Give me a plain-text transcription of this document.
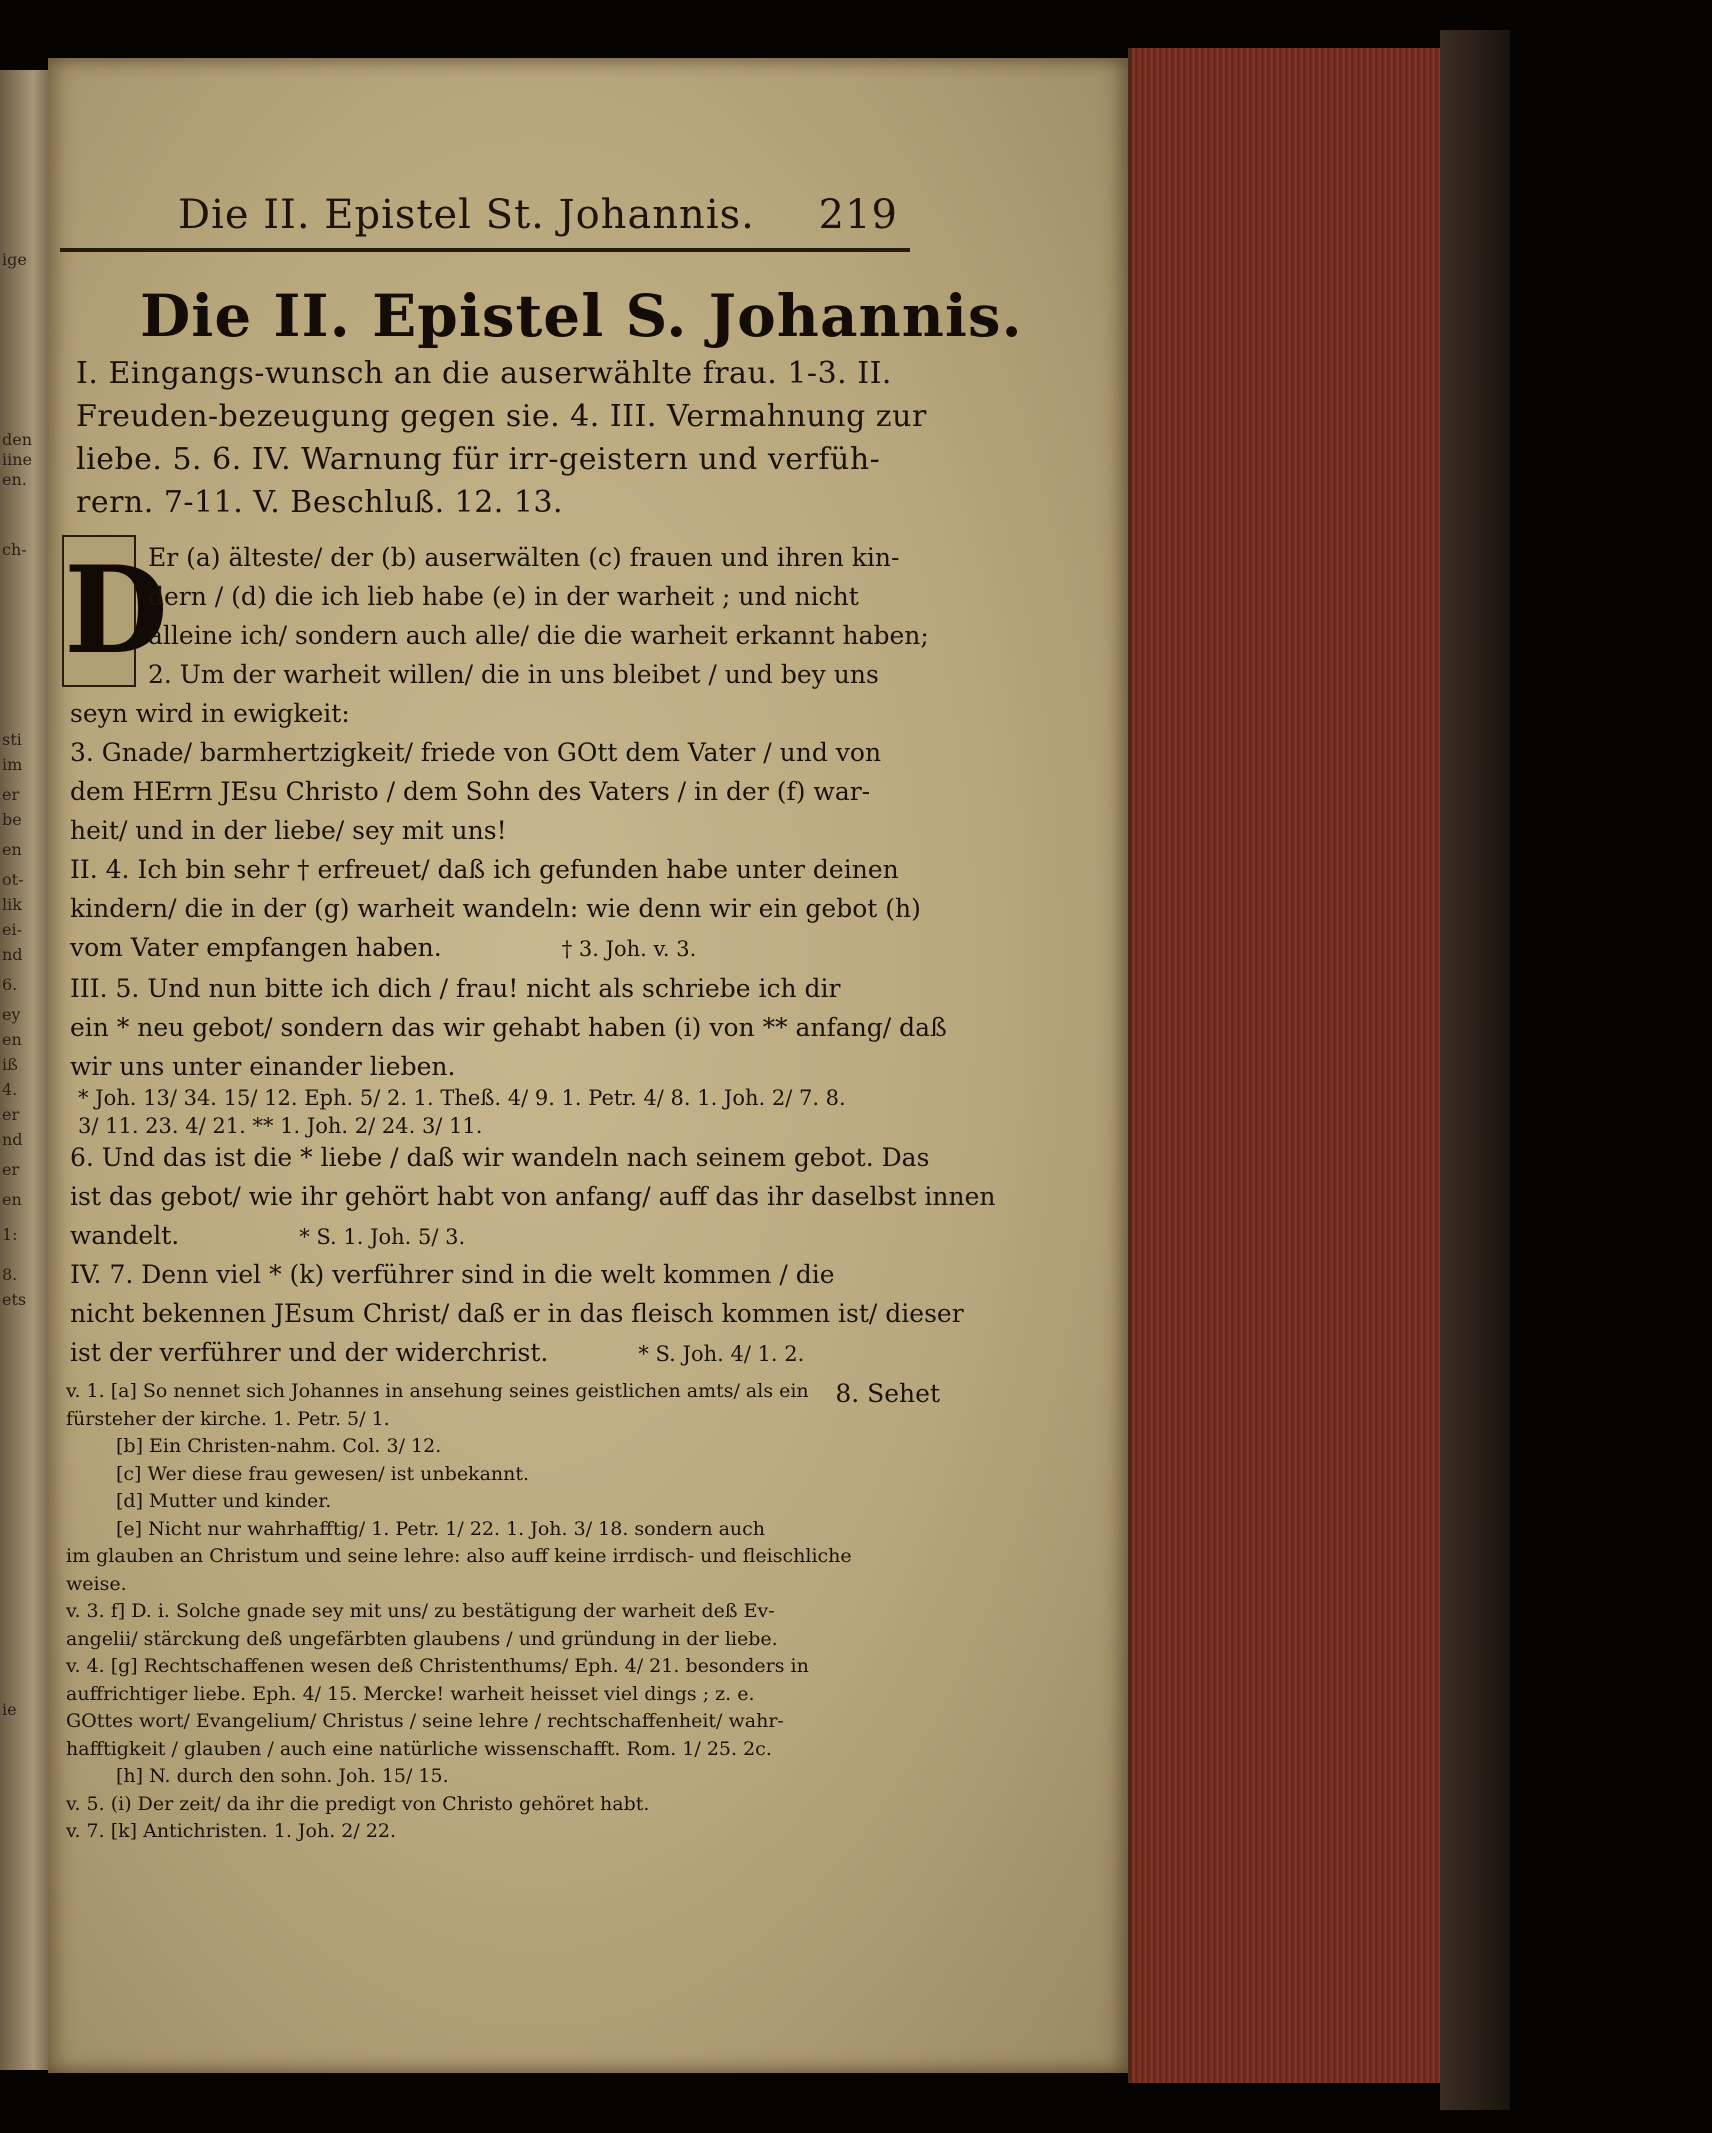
ige
den
iine
en.
ch-
sti
im
er
be
en
ot-
lik
ei-
nd
6.
ey
en
iß
4.
er
nd
er
en
1:
8.
ets
ie
Die II. Epistel St. Johannis. 219
Die II. Epistel S. Johannis.
I. Eingangs-wunsch an die auserwählte frau. 1-3. II.
Freuden-bezeugung gegen sie. 4. III. Vermahnung zur
liebe. 5. 6. IV. Warnung für irr-geistern und verfüh-
rern. 7-11. V. Beschluß. 12. 13.
D
Er (a) älteste/ der (b) auserwälten (c) frauen und ihren kin-
dern / (d) die ich lieb habe (e) in der warheit ; und nicht
alleine ich/ sondern auch alle/ die die warheit erkannt haben;
2. Um der warheit willen/ die in uns bleibet / und bey uns
seyn wird in ewigkeit:
3. Gnade/ barmhertzigkeit/ friede von GOtt dem Vater / und von
dem HErrn JEsu Christo / dem Sohn des Vaters / in der (f) war-
heit/ und in der liebe/ sey mit uns!
II. 4. Ich bin sehr † erfreuet/ daß ich gefunden habe unter deinen
kindern/ die in der (g) warheit wandeln: wie denn wir ein gebot (h)
vom Vater empfangen haben.	† 3. Joh. v. 3.
III. 5. Und nun bitte ich dich / frau! nicht als schriebe ich dir
ein * neu gebot/ sondern das wir gehabt haben (i) von ** anfang/ daß
wir uns unter einander lieben.
* Joh. 13/ 34. 15/ 12. Eph. 5/ 2. 1. Theß. 4/ 9. 1. Petr. 4/ 8. 1. Joh. 2/ 7. 8.
3/ 11. 23. 4/ 21. ** 1. Joh. 2/ 24. 3/ 11.
6. Und das ist die * liebe / daß wir wandeln nach seinem gebot. Das
ist das gebot/ wie ihr gehört habt von anfang/ auff das ihr daselbst innen
wandelt.	* S. 1. Joh. 5/ 3.
IV. 7. Denn viel * (k) verführer sind in die welt kommen / die
nicht bekennen JEsum Christ/ daß er in das fleisch kommen ist/ dieser
ist der verführer und der widerchrist.	* S. Joh. 4/ 1. 2.
8. Sehet
v. 1. [a] So nennet sich Johannes in ansehung seines geistlichen amts/ als ein
fürsteher der kirche. 1. Petr. 5/ 1.
[b] Ein Christen-nahm. Col. 3/ 12.
[c] Wer diese frau gewesen/ ist unbekannt.
[d] Mutter und kinder.
[e] Nicht nur wahrhafftig/ 1. Petr. 1/ 22. 1. Joh. 3/ 18. sondern auch
im glauben an Christum und seine lehre: also auff keine irrdisch- und fleischliche
weise.
v. 3. f] D. i. Solche gnade sey mit uns/ zu bestätigung der warheit deß Ev-
angelii/ stärckung deß ungefärbten glaubens / und gründung in der liebe.
v. 4. [g] Rechtschaffenen wesen deß Christenthums/ Eph. 4/ 21. besonders in
auffrichtiger liebe. Eph. 4/ 15. Mercke! warheit heisset viel dings ; z. e.
GOttes wort/ Evangelium/ Christus / seine lehre / rechtschaffenheit/ wahr-
hafftigkeit / glauben / auch eine natürliche wissenschafft. Rom. 1/ 25. 2c.
[h] N. durch den sohn. Joh. 15/ 15.
v. 5. (i) Der zeit/ da ihr die predigt von Christo gehöret habt.
v. 7. [k] Antichristen. 1. Joh. 2/ 22.
